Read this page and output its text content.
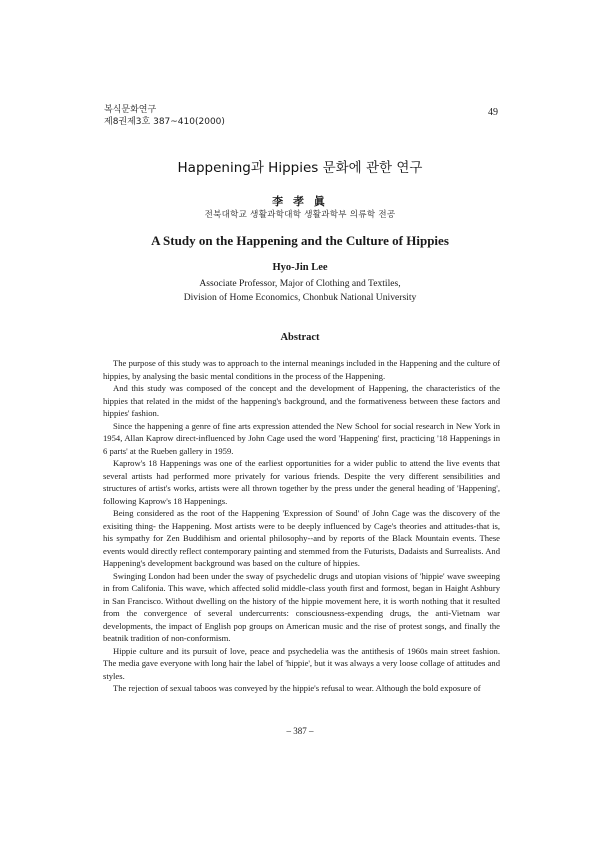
복식문화연구
제8권제3호 387~410(2000)
49
Happening과 Hippies 문화에 관한 연구
李 孝 眞
전북대학교 생활과학대학 생활과학부 의류학 전공
A Study on the Happening and the Culture of Hippies
Hyo-Jin Lee
Associate Professor, Major of Clothing and Textiles,
Division of Home Economics, Chonbuk National University
Abstract

The purpose of this study was to approach to the internal meanings included in the Happening and the culture of hippies, by analysing the basic mental conditions in the process of the Happening.

And this study was composed of the concept and the development of Happening, the characteristics of the hippies that related in the midst of the happening's background, and the formativeness between these factors and hippies' fashion.

Since the happening a genre of fine arts expression attended the New School for social research in New York in 1954, Allan Kaprow direct-influenced by John Cage used the word 'Happening' first, practicing '18 Happenings in 6 parts' at the Rueben gallery in 1959.

Kaprow's 18 Happenings was one of the earliest opportunities for a wider public to attend the live events that several artists had performed more privately for various friends. Despite the very different sensibilities and structures of artist's works, artists were all thrown together by the press under the general heading of 'Happening', following Kaprow's 18 Happenings.

Being considered as the root of the Happening 'Expression of Sound' of John Cage was the discovery of the exisiting thing- the Happening. Most artists were to be deeply influenced by Cage's theories and attitudes-that is, his sympathy for Zen Buddihism and oriental philosophy--and by reports of the Black Mountain events. These events would directly reflect contemporary painting and stemmed from the Futurists, Dadaists and Surrealists. And Happening's development background was based on the culture of hippies.

Swinging London had been under the sway of psychedelic drugs and utopian visions of 'hippie' wave sweeping in from Califonia. This wave, which affected solid middle-class youth first and formost, began in Haight Ashbury in San Francisco. Without dwelling on the history of the hippie movement here, it is worth nothing that it resulted from the convergence of several undercurrents: consciousness-expending drugs, the anti-Vietnam war developments, the impact of English pop groups on American music and the rise of protest songs, and finally the beatnik tradition of non-conformism.

Hippie culture and its pursuit of love, peace and psychedelia was the antithesis of 1960s main street fashion. The media gave everyone with long hair the label of 'hippie', but it was always a very loose collage of attitudes and styles.

The rejection of sexual taboos was conveyed by the hippie's refusal to wear. Although the bold exposure of

– 387 –
